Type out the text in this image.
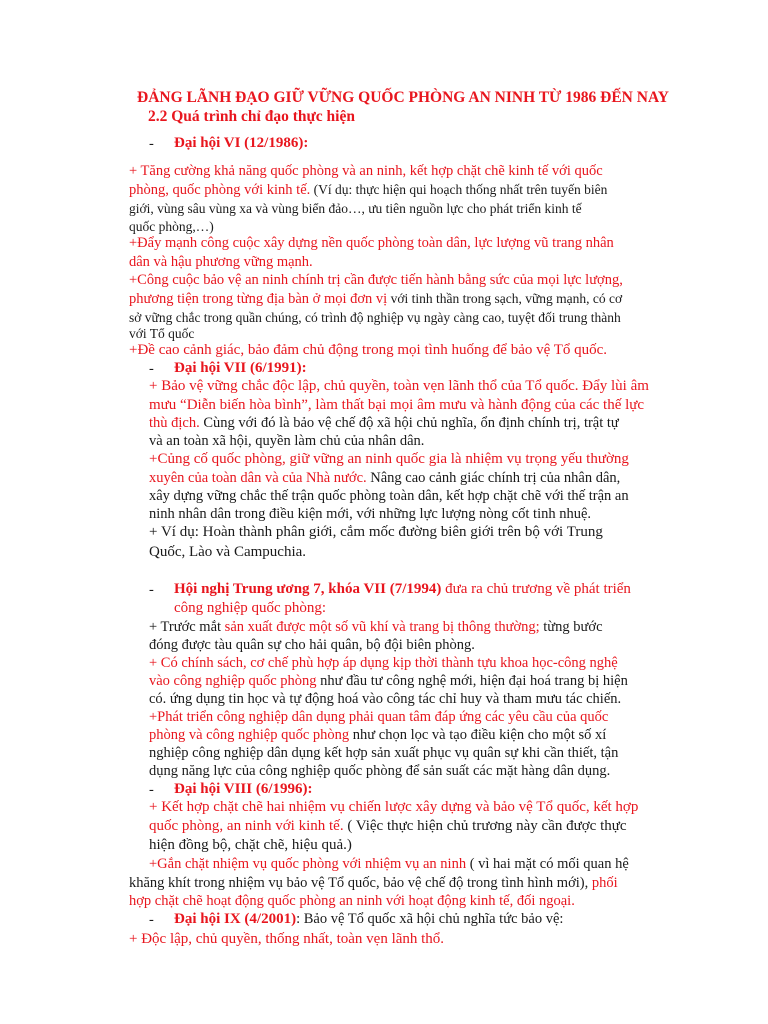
ĐẢNG LÃNH ĐẠO GIỮ VỮNG QUỐC PHÒNG AN NINH TỪ 1986 ĐẾN NAY
2.2 Quá trình chỉ đạo thực hiện
- Đại hội VI (12/1986):
+ Tăng cường khả năng quốc phòng và an ninh, kết hợp chặt chẽ kinh tế với quốc
phòng, quốc phòng với kinh tế. (Ví dụ: thực hiện qui hoạch thống nhất trên tuyến biên
giới, vùng sâu vùng xa và vùng biển đảo…, ưu tiên nguồn lực cho phát triển kinh tế
quốc phòng,…)
+Đẩy mạnh công cuộc xây dựng nền quốc phòng toàn dân, lực lượng vũ trang nhân
dân và hậu phương vững mạnh.
+Công cuộc bảo vệ an ninh chính trị cần được tiến hành bằng sức của mọi lực lượng,
phương tiện trong từng địa bàn ở mọi đơn vị với tinh thần trong sạch, vững mạnh, có cơ
sở vững chắc trong quần chúng, có trình độ nghiệp vụ ngày càng cao, tuyệt đối trung thành
với Tổ quốc
+Đề cao cảnh giác, bảo đảm chủ động trong mọi tình huống để bảo vệ Tổ quốc.
- Đại hội VII (6/1991):
+ Bảo vệ vững chắc độc lập, chủ quyền, toàn vẹn lãnh thổ của Tổ quốc. Đẩy lùi âm
mưu “Diễn biến hòa bình”, làm thất bại mọi âm mưu và hành động của các thế lực
thù địch. Cùng với đó là bảo vệ chế độ xã hội chủ nghĩa, ổn định chính trị, trật tự
và an toàn xã hội, quyền làm chủ của nhân dân.
+Củng cố quốc phòng, giữ vững an ninh quốc gia là nhiệm vụ trọng yếu thường
xuyên của toàn dân và của Nhà nước. Nâng cao cảnh giác chính trị của nhân dân,
xây dựng vững chắc thế trận quốc phòng toàn dân, kết hợp chặt chẽ với thế trận an
ninh nhân dân trong điều kiện mới, với những lực lượng nòng cốt tinh nhuệ.
+ Ví dụ: Hoàn thành phân giới, cắm mốc đường biên giới trên bộ với Trung
Quốc, Lào và Campuchia.
- Hội nghị Trung ương 7, khóa VII (7/1994) đưa ra chủ trương về phát triển
công nghiệp quốc phòng:
+ Trước mắt sản xuất được một số vũ khí và trang bị thông thường; từng bước
đóng được tàu quân sự cho hải quân, bộ đội biên phòng.
+ Có chính sách, cơ chế phù hợp áp dụng kịp thời thành tựu khoa học-công nghệ
vào công nghiệp quốc phòng như đầu tư công nghệ mới, hiện đại hoá trang bị hiện
có. ứng dụng tin học và tự động hoá vào công tác chỉ huy và tham mưu tác chiến.
+Phát triển công nghiệp dân dụng phải quan tâm đáp ứng các yêu cầu của quốc
phòng và công nghiệp quốc phòng như chọn lọc và tạo điều kiện cho một số xí
nghiệp công nghiệp dân dụng kết hợp sản xuất phục vụ quân sự khi cần thiết, tận
dụng năng lực của công nghiệp quốc phòng để sản suất các mặt hàng dân dụng.
- Đại hội VIII (6/1996):
+ Kết hợp chặt chẽ hai nhiệm vụ chiến lược xây dựng và bảo vệ Tổ quốc, kết hợp
quốc phòng, an ninh với kinh tế. ( Việc thực hiện chủ trương này cần được thực
hiện đồng bộ, chặt chẽ, hiệu quả.)
+Gắn chặt nhiệm vụ quốc phòng với nhiệm vụ an ninh ( vì hai mặt có mối quan hệ
khăng khít trong nhiệm vụ bảo vệ Tổ quốc, bảo vệ chế độ trong tình hình mới), phối
hợp chặt chẽ hoạt động quốc phòng an ninh với hoạt động kinh tế, đối ngoại.
- Đại hội IX (4/2001): Bảo vệ Tổ quốc xã hội chủ nghĩa tức bảo vệ:
+ Độc lập, chủ quyền, thống nhất, toàn vẹn lãnh thổ.
